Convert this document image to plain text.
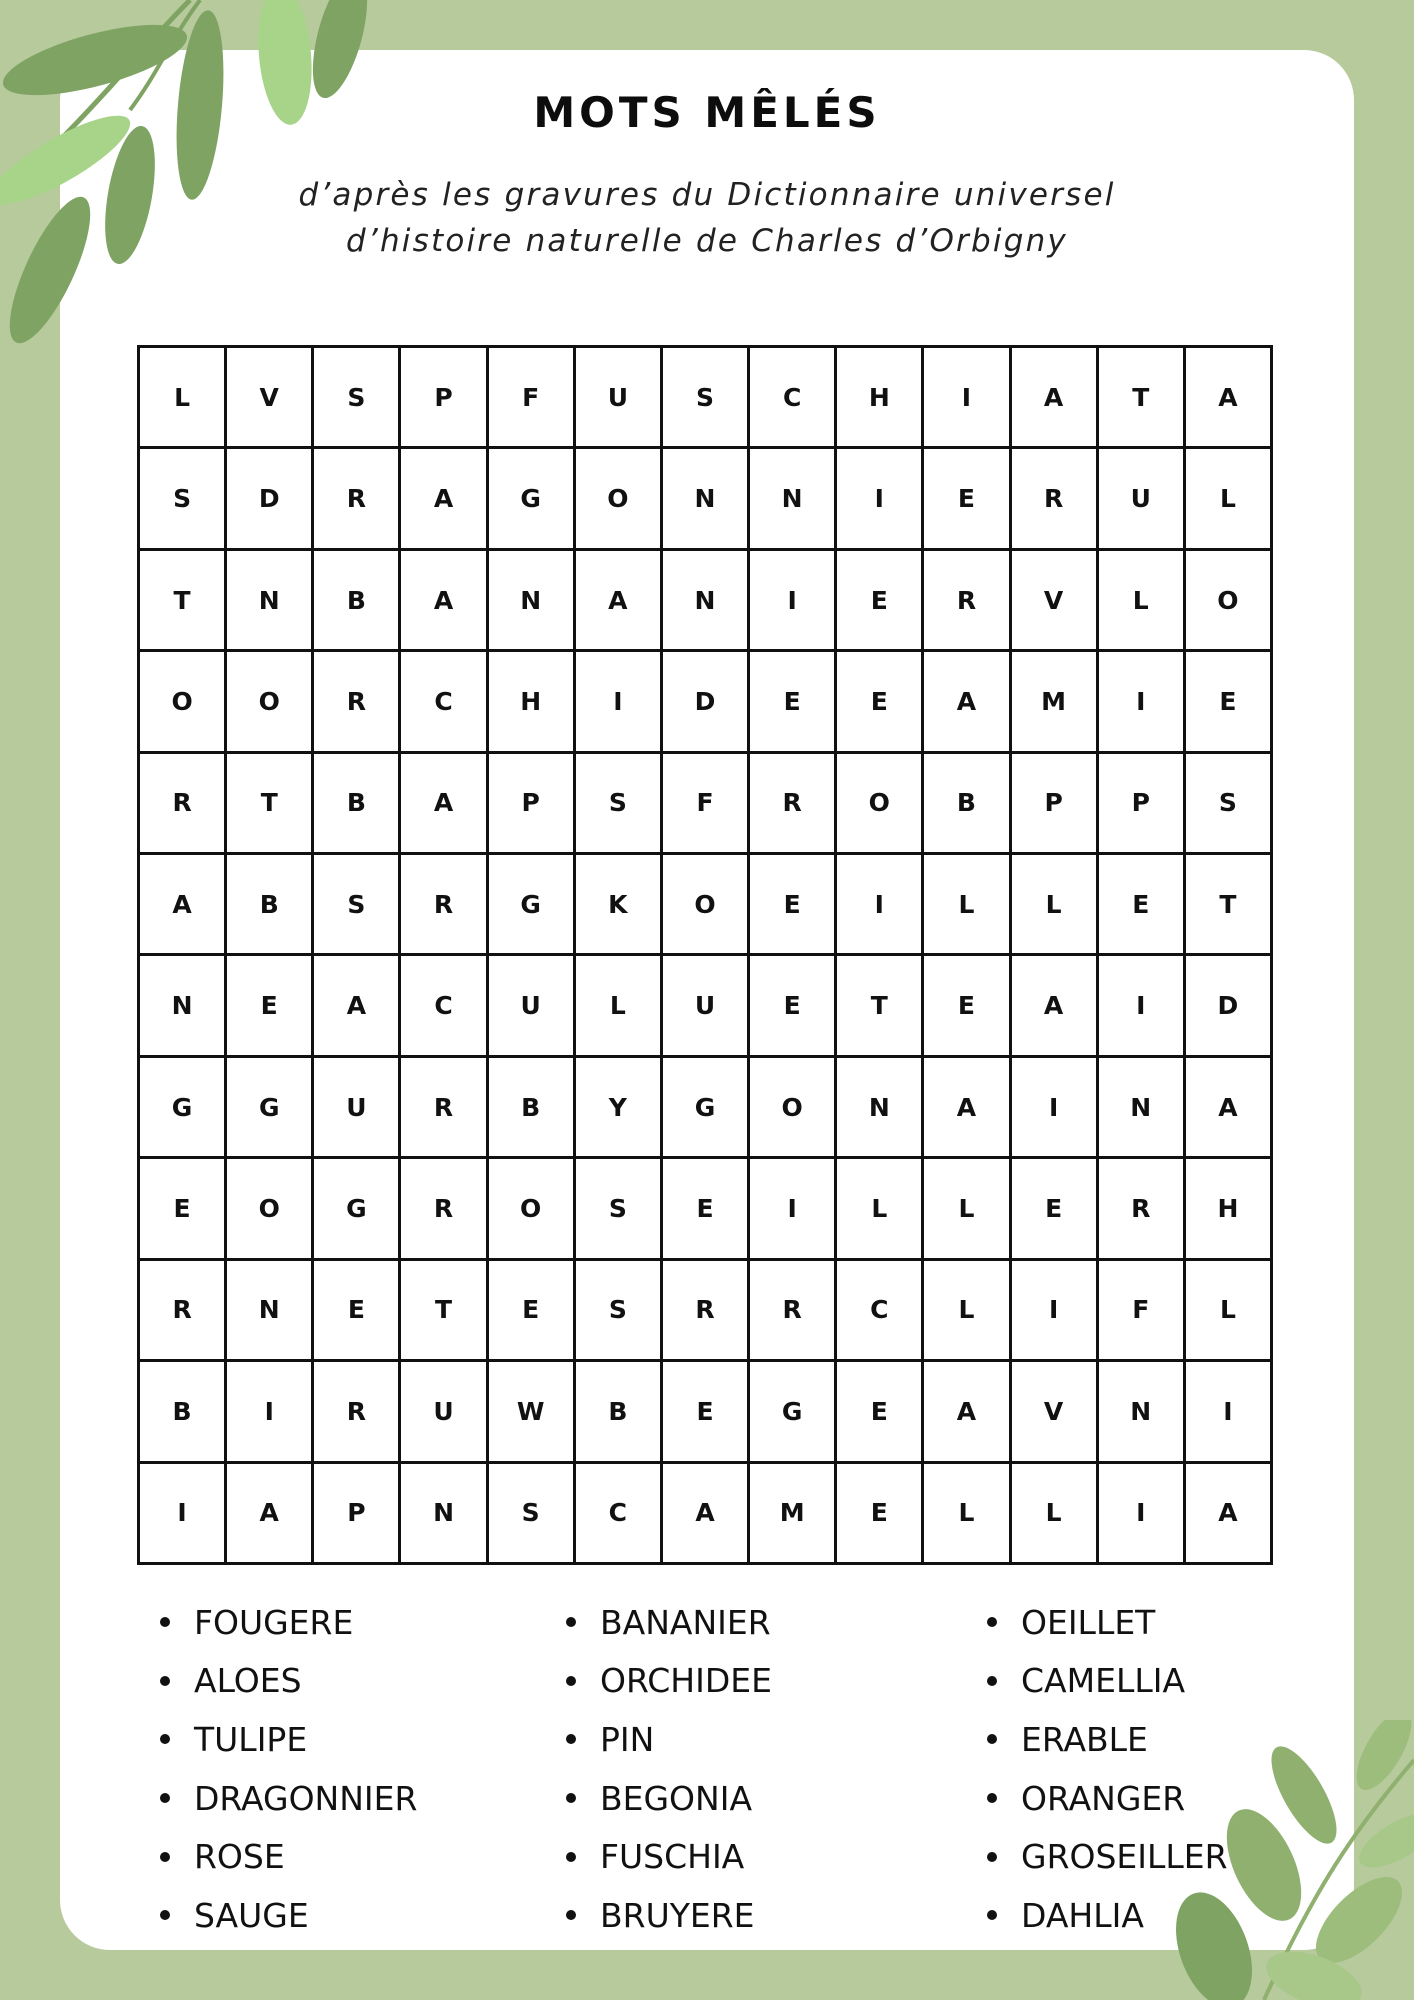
MOTS MÊLÉS
d’après les gravures du Dictionnaire universel
d’histoire naturelle de Charles d’Orbigny
L	V	S	P	F	U	S	C	H	I	A	T	A
S	D	R	A	G	O	N	N	I	E	R	U	L
T	N	B	A	N	A	N	I	E	R	V	L	O
O	O	R	C	H	I	D	E	E	A	M	I	E
R	T	B	A	P	S	F	R	O	B	P	P	S
A	B	S	R	G	K	O	E	I	L	L	E	T
N	E	A	C	U	L	U	E	T	E	A	I	D
G	G	U	R	B	Y	G	O	N	A	I	N	A
E	O	G	R	O	S	E	I	L	L	E	R	H
R	N	E	T	E	S	R	R	C	L	I	F	L
B	I	R	U	W	B	E	G	E	A	V	N	I
I	A	P	N	S	C	A	M	E	L	L	I	A
FOUGERE
ALOES
TULIPE
DRAGONNIER
ROSE
SAUGE
BANANIER
ORCHIDEE
PIN
BEGONIA
FUSCHIA
BRUYERE
OEILLET
CAMELLIA
ERABLE
ORANGER
GROSEILLER
DAHLIA
